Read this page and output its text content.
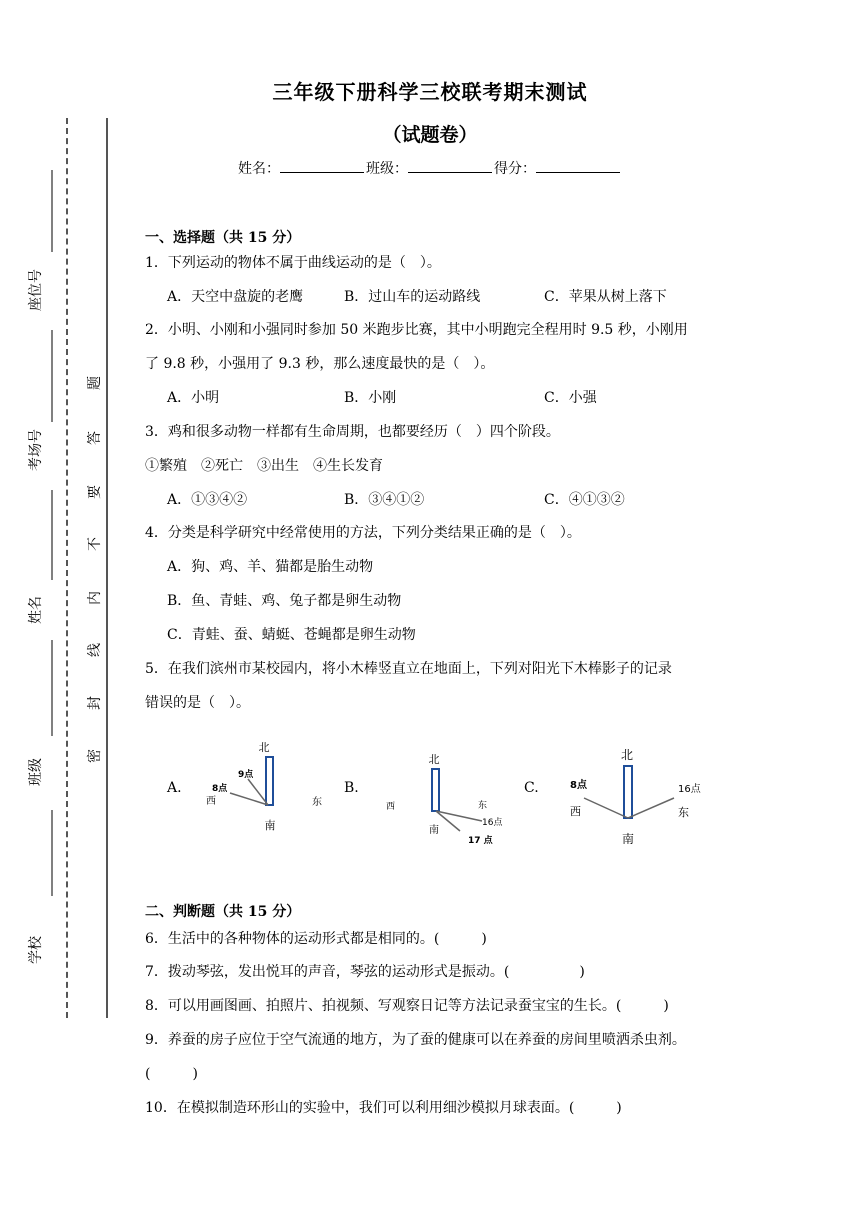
座位号
考场号
姓名
班级
学校
题
答
要
不
内
线
封
密
三年级下册科学三校联考期末测试
（试题卷）
姓名：	班级：	得分：
一、选择题（共 15 分）
1．下列运动的物体不属于曲线运动的是（　）。
A．天空中盘旋的老鹰	B．过山车的运动路线	C．苹果从树上落下
2．小明、小刚和小强同时参加 50 米跑步比赛，其中小明跑完全程用时 9.5 秒，小刚用
了 9.8 秒，小强用了 9.3 秒，那么速度最快的是（　）。
A．小明	B．小刚	C．小强
3．鸡和很多动物一样都有生命周期，也都要经历（　）四个阶段。
①繁殖　②死亡　③出生　④生长发育
A．①③④②	B．③④①②	C．④①③②
4．分类是科学研究中经常使用的方法，下列分类结果正确的是（　）。
A．狗、鸡、羊、猫都是胎生动物
B．鱼、青蛙、鸡、兔子都是卵生动物
C．青蛙、蚕、蜻蜓、苍蝇都是卵生动物
5．在我们滨州市某校园内，将小木棒竖直立在地面上，下列对阳光下木棒影子的记录
错误的是（　）。
A.	B.	C.
北
8点
9点
西	东
南
北
西	东
16点
南
17 点
北
8点	16点
西	东
南
二、判断题（共 15 分）
6．生活中的各种物体的运动形式都是相同的。(　　　)
7．拨动琴弦，发出悦耳的声音，琴弦的运动形式是振动。(　　　　　)
8．可以用画图画、拍照片、拍视频、写观察日记等方法记录蚕宝宝的生长。(　　　)
9．养蚕的房子应位于空气流通的地方，为了蚕的健康可以在养蚕的房间里喷洒杀虫剂。
(　　　)
10．在模拟制造环形山的实验中，我们可以利用细沙模拟月球表面。(　　　)
